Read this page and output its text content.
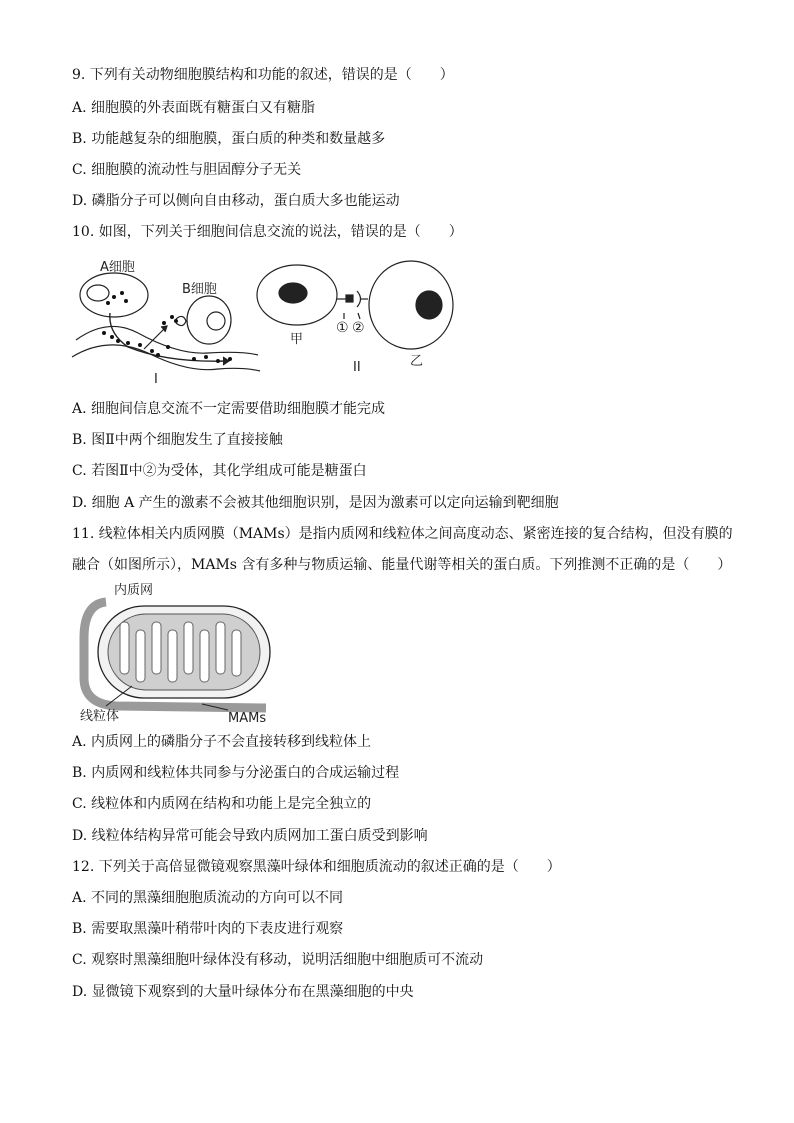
9. 下列有关动物细胞膜结构和功能的叙述，错误的是（　　）
A. 细胞膜的外表面既有糖蛋白又有糖脂
B. 功能越复杂的细胞膜，蛋白质的种类和数量越多
C. 细胞膜的流动性与胆固醇分子无关
D. 磷脂分子可以侧向自由移动，蛋白质大多也能运动
10. 如图，下列关于细胞间信息交流的说法，错误的是（　　）
A细胞
B细胞
I
① ②
甲
II	乙
A. 细胞间信息交流不一定需要借助细胞膜才能完成
B. 图Ⅱ中两个细胞发生了直接接触
C. 若图Ⅱ中②为受体，其化学组成可能是糖蛋白
D. 细胞 A 产生的激素不会被其他细胞识别，是因为激素可以定向运输到靶细胞
11. 线粒体相关内质网膜（MAMs）是指内质网和线粒体之间高度动态、紧密连接的复合结构，但没有膜的
融合（如图所示），MAMs 含有多种与物质运输、能量代谢等相关的蛋白质。下列推测不正确的是（　　）
内质网
线粒体	MAMs
A. 内质网上的磷脂分子不会直接转移到线粒体上
B. 内质网和线粒体共同参与分泌蛋白的合成运输过程
C. 线粒体和内质网在结构和功能上是完全独立的
D. 线粒体结构异常可能会导致内质网加工蛋白质受到影响
12. 下列关于高倍显微镜观察黑藻叶绿体和细胞质流动的叙述正确的是（　　）
A. 不同的黑藻细胞胞质流动的方向可以不同
B. 需要取黑藻叶稍带叶肉的下表皮进行观察
C. 观察时黑藻细胞叶绿体没有移动，说明活细胞中细胞质可不流动
D. 显微镜下观察到的大量叶绿体分布在黑藻细胞的中央
